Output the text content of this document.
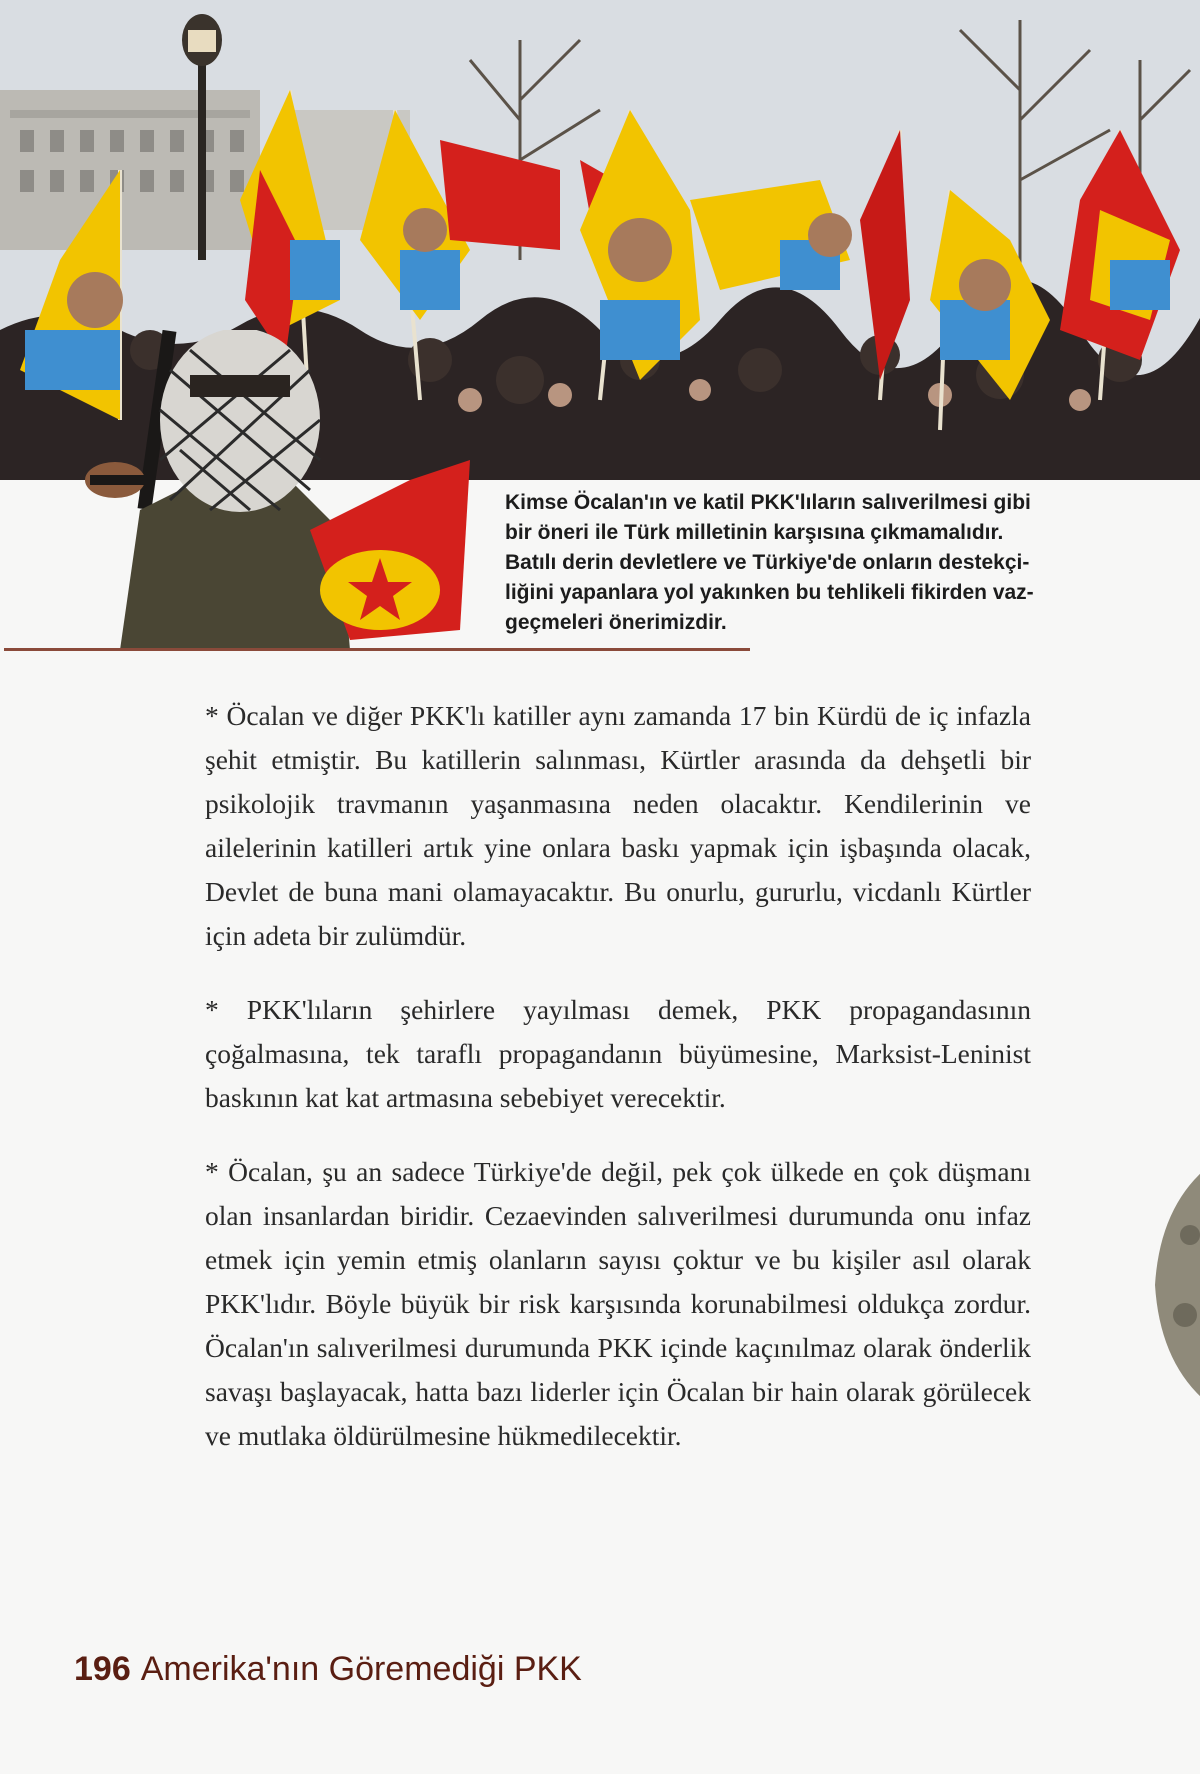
Kimse Öcalan'ın ve katil PKK'lıların salıverilmesi gibi
bir öneri ile Türk milletinin karşısına çıkmamalıdır.
Batılı derin devletlere ve Türkiye'de onların destekçi-
liğini yapanlara yol yakınken bu tehlikeli fikirden vaz-
geçmeleri önerimizdir.

* Öcalan ve diğer PKK'lı katiller aynı zamanda 17 bin Kürdü de iç infazla şehit etmiştir. Bu katillerin salınması, Kürtler arasında da dehşetli bir psikolojik travmanın yaşanmasına neden olacaktır. Kendilerinin ve ailelerinin katilleri artık yine onlara baskı yapmak için işbaşında olacak, Devlet de buna mani olamayacaktır. Bu onurlu, gururlu, vicdanlı Kürtler için adeta bir zulümdür.

* PKK'lıların şehirlere yayılması demek, PKK propagandasının çoğalmasına, tek taraflı propagandanın büyümesine, Marksist-Leninist baskının kat kat artmasına sebebiyet verecektir.

* Öcalan, şu an sadece Türkiye'de değil, pek çok ülkede en çok düşmanı olan insanlardan biridir. Cezaevinden salıverilmesi durumunda onu infaz etmek için yemin etmiş olanların sayısı çoktur ve bu kişiler asıl olarak PKK'lıdır. Böyle büyük bir risk karşısında korunabilmesi oldukça zordur. Öcalan'ın salıverilmesi durumunda PKK içinde kaçınılmaz olarak önderlik savaşı başlayacak, hatta bazı liderler için Öcalan bir hain olarak görülecek ve mutlaka öldürülmesine hükmedilecektir.

196 Amerika'nın Göremediği PKK
